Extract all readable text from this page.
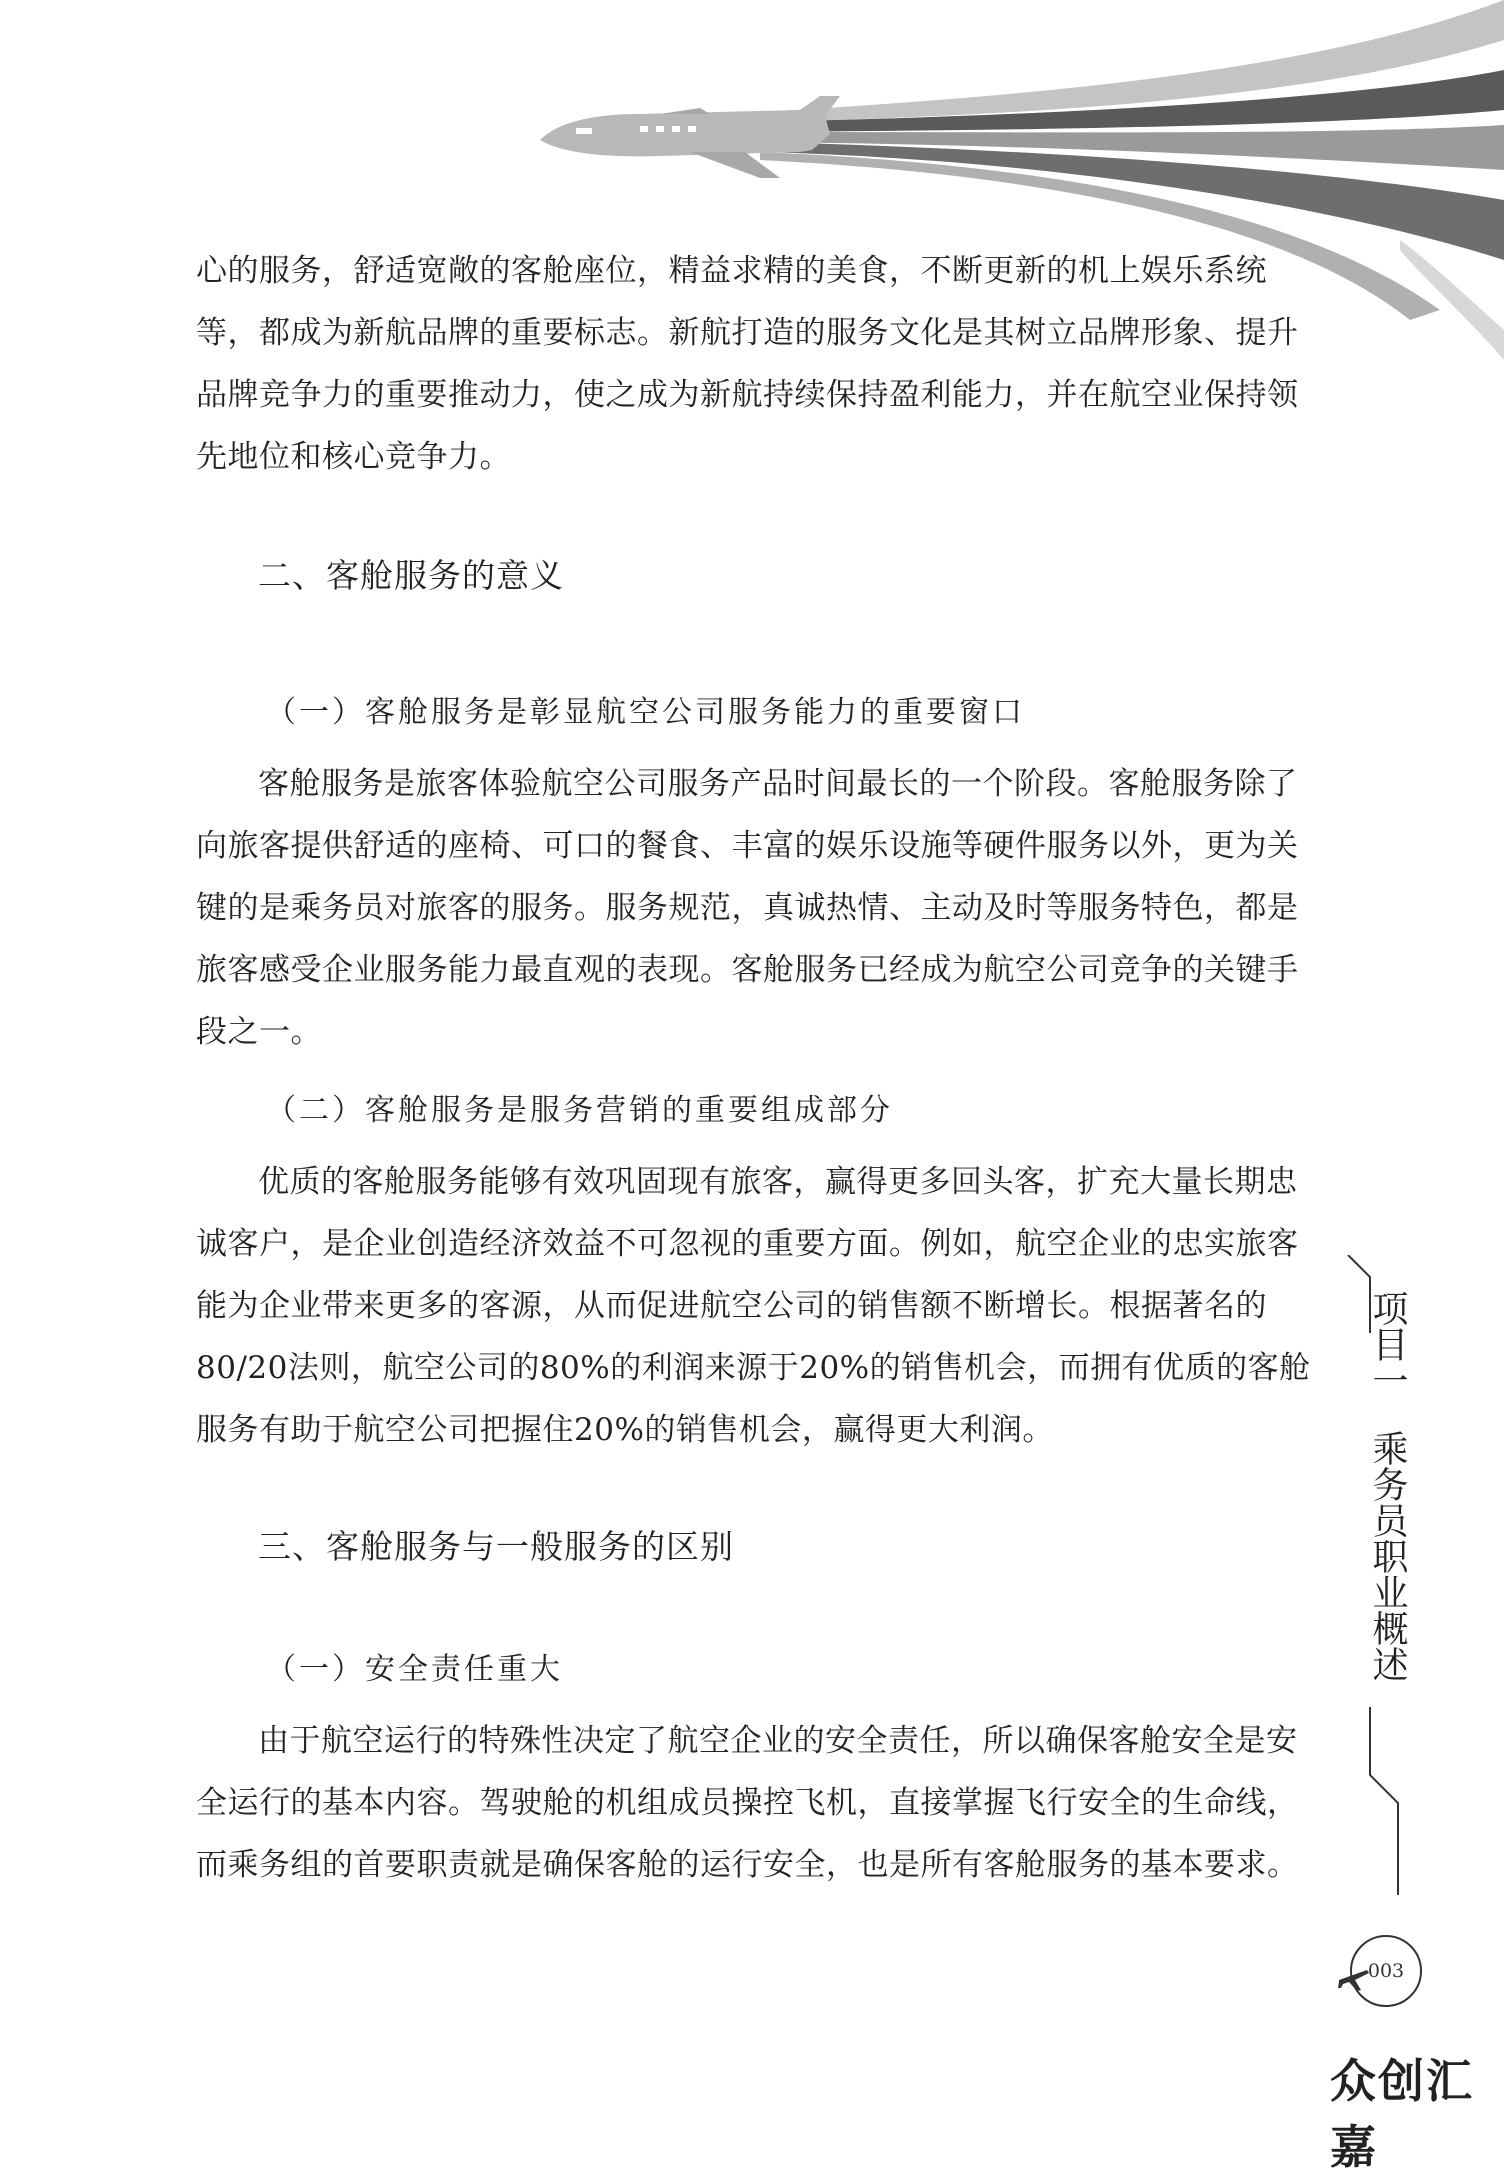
心的服务，舒适宽敞的客舱座位，精益求精的美食，不断更新的机上娱乐系统等，都成为新航品牌的重要标志。新航打造的服务文化是其树立品牌形象、提升品牌竞争力的重要推动力，使之成为新航持续保持盈利能力，并在航空业保持领先地位和核心竞争力。

二、客舱服务的意义
（一）客舱服务是彰显航空公司服务能力的重要窗口

客舱服务是旅客体验航空公司服务产品时间最长的一个阶段。客舱服务除了向旅客提供舒适的座椅、可口的餐食、丰富的娱乐设施等硬件服务以外，更为关键的是乘务员对旅客的服务。服务规范，真诚热情、主动及时等服务特色，都是旅客感受企业服务能力最直观的表现。客舱服务已经成为航空公司竞争的关键手段之一。

（二）客舱服务是服务营销的重要组成部分

优质的客舱服务能够有效巩固现有旅客，赢得更多回头客，扩充大量长期忠诚客户，是企业创造经济效益不可忽视的重要方面。例如，航空企业的忠实旅客能为企业带来更多的客源，从而促进航空公司的销售额不断增长。根据著名的80/20法则，航空公司的80%的利润来源于20%的销售机会，而拥有优质的客舱服务有助于航空公司把握住20%的销售机会，赢得更大利润。

三、客舱服务与一般服务的区别
（一）安全责任重大

由于航空运行的特殊性决定了航空企业的安全责任，所以确保客舱安全是安全运行的基本内容。驾驶舱的机组成员操控飞机，直接掌握飞行安全的生命线，而乘务组的首要职责就是确保客舱的运行安全，也是所有客舱服务的基本要求。

项目一
乘务员职业概述
003
众创汇嘉
